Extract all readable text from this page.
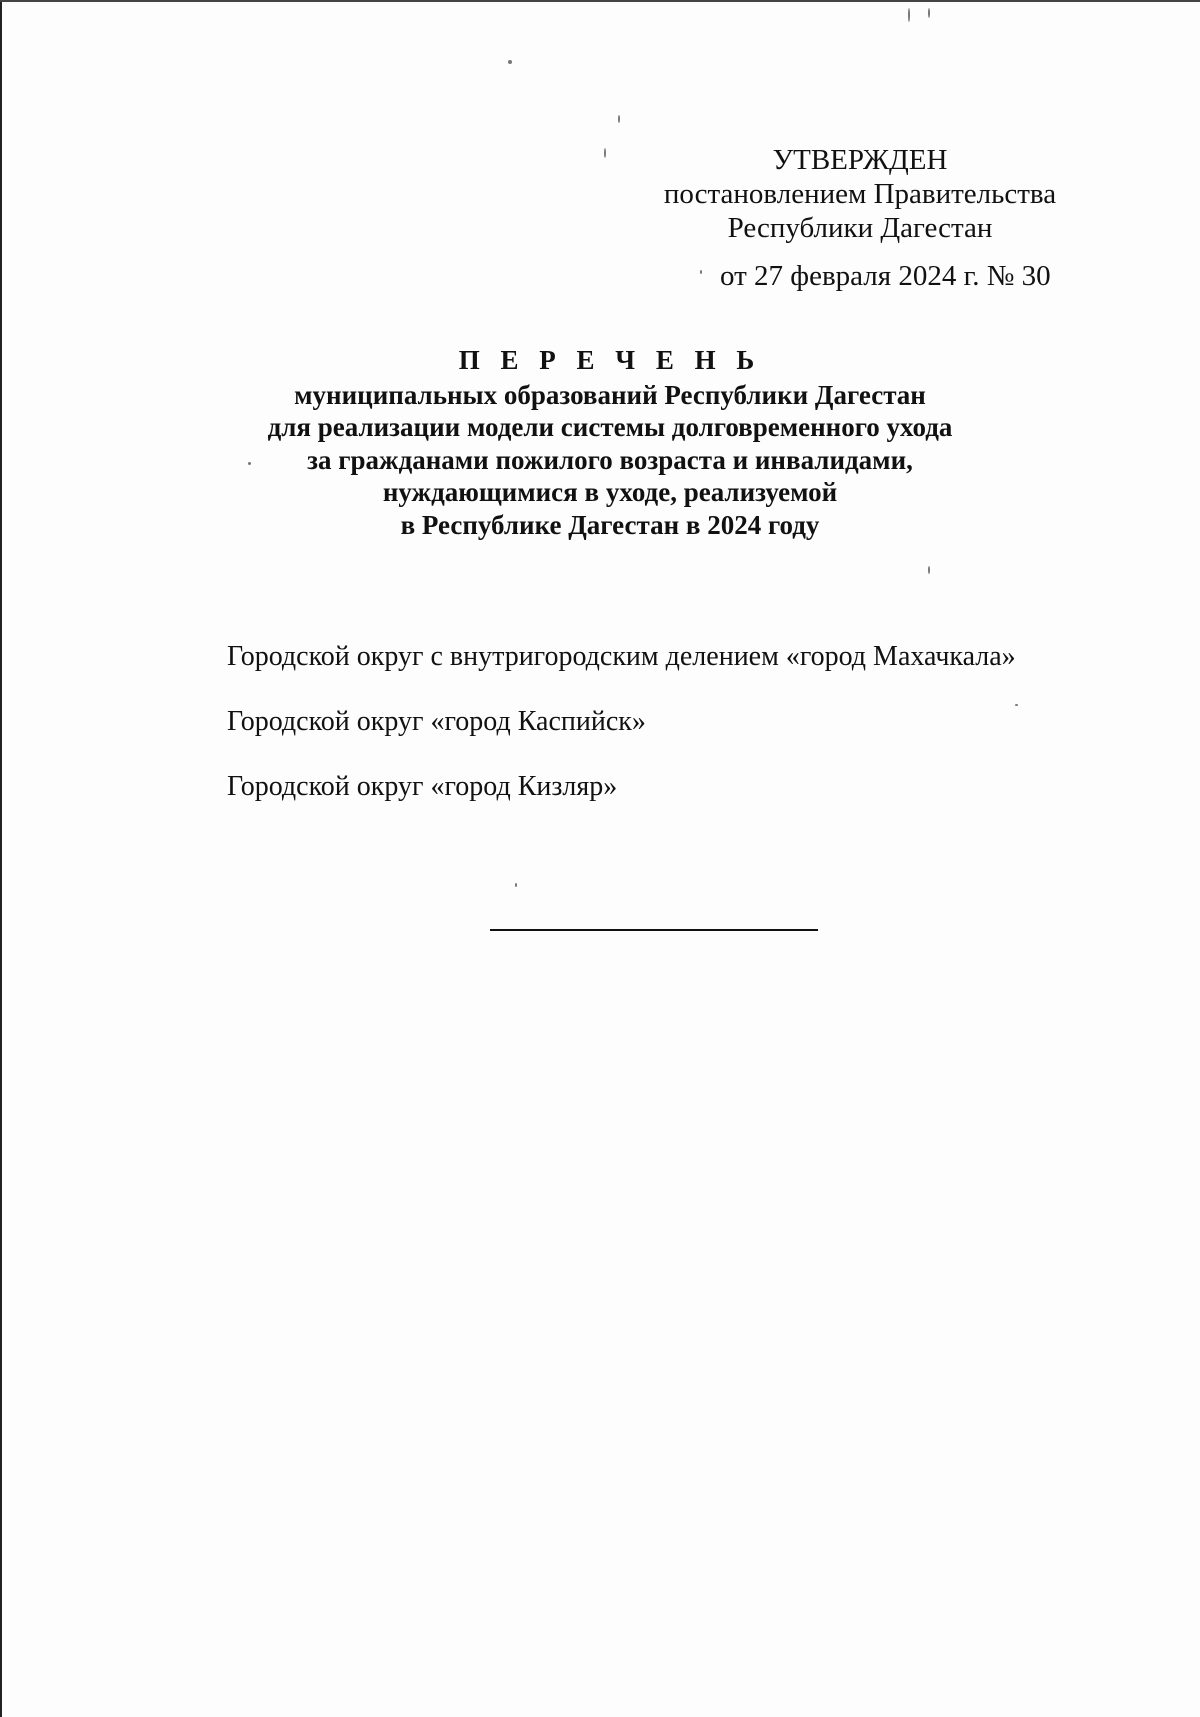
УТВЕРЖДЕН
постановлением Правительства
Республики Дагестан
от 27 февраля 2024 г. № 30
П Е Р Е Ч Е Н Ь
муниципальных образований Республики Дагестан
для реализации модели системы долговременного ухода
за гражданами пожилого возраста и инвалидами,
нуждающимися в уходе, реализуемой
в Республике Дагестан в 2024 году
Городской округ с внутригородским делением «город Махачкала»
Городской округ «город Каспийск»
Городской округ «город Кизляр»
